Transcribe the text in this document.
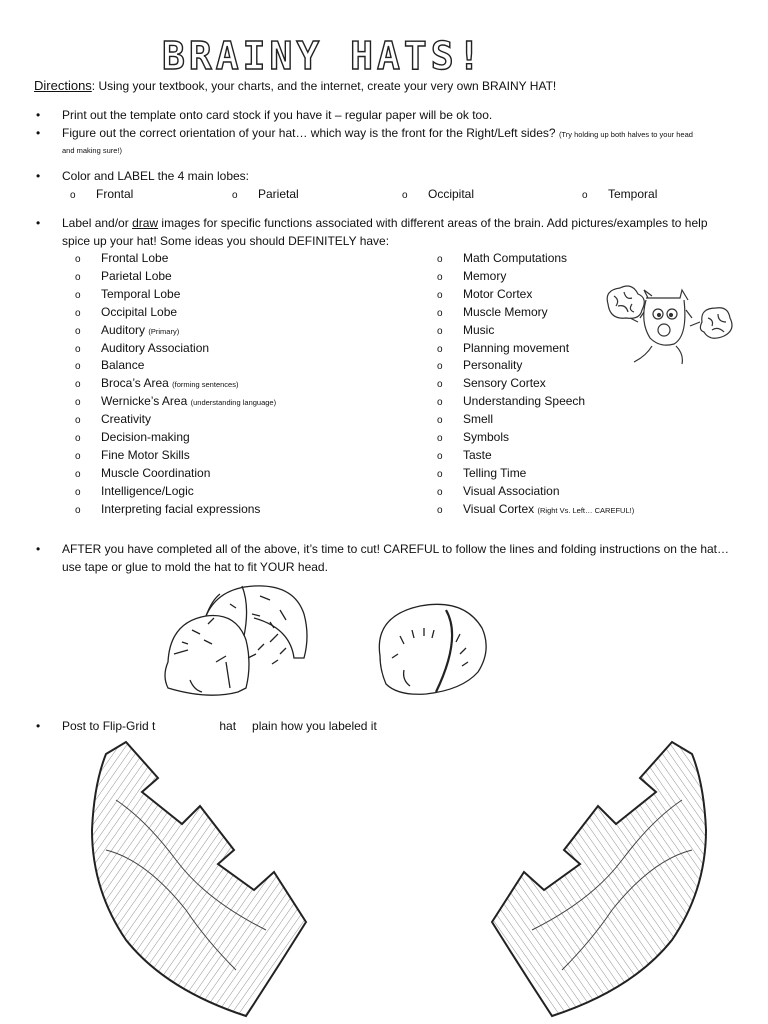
BRAINY HATS!
Directions: Using your textbook, your charts, and the internet, create your very own BRAINY HAT!
•	Print out the template onto card stock if you have it – regular paper will be ok too.
•	Figure out the correct orientation of your hat… which way is the front for the Right/Left sides? (Try holding up both halves to your head
and making sure!)
•	Color and LABEL the 4 main lobes:
o Frontal	o Parietal	o Occipital	o Temporal
•	Label and/or draw images for specific functions associated with different areas of the brain. Add pictures/examples to help
spice up your hat! Some ideas you should DEFINITELY have:
o Frontal Lobe
o Parietal Lobe
o Temporal Lobe
o Occipital Lobe
o Auditory (Primary)
o Auditory Association
o Balance
o Broca’s Area (forming sentences)
o Wernicke’s Area (understanding language)
o Creativity
o Decision-making
o Fine Motor Skills
o Muscle Coordination
o Intelligence/Logic
o Interpreting facial expressions
o Math Computations
o Memory
o Motor Cortex
o Muscle Memory
o Music
o Planning movement
o Personality
o Sensory Cortex
o Understanding Speech
o Smell
o Symbols
o Taste
o Telling Time
o Visual Association
o Visual Cortex (Right Vs. Left… CAREFUL!)
•	AFTER you have completed all of the above, it’s time to cut! CAREFUL to follow the lines and folding instructions on the hat…
use tape or glue to mold the hat to fit YOUR head.
•	Post to Flip-Grid t	hat plain how you labeled it
